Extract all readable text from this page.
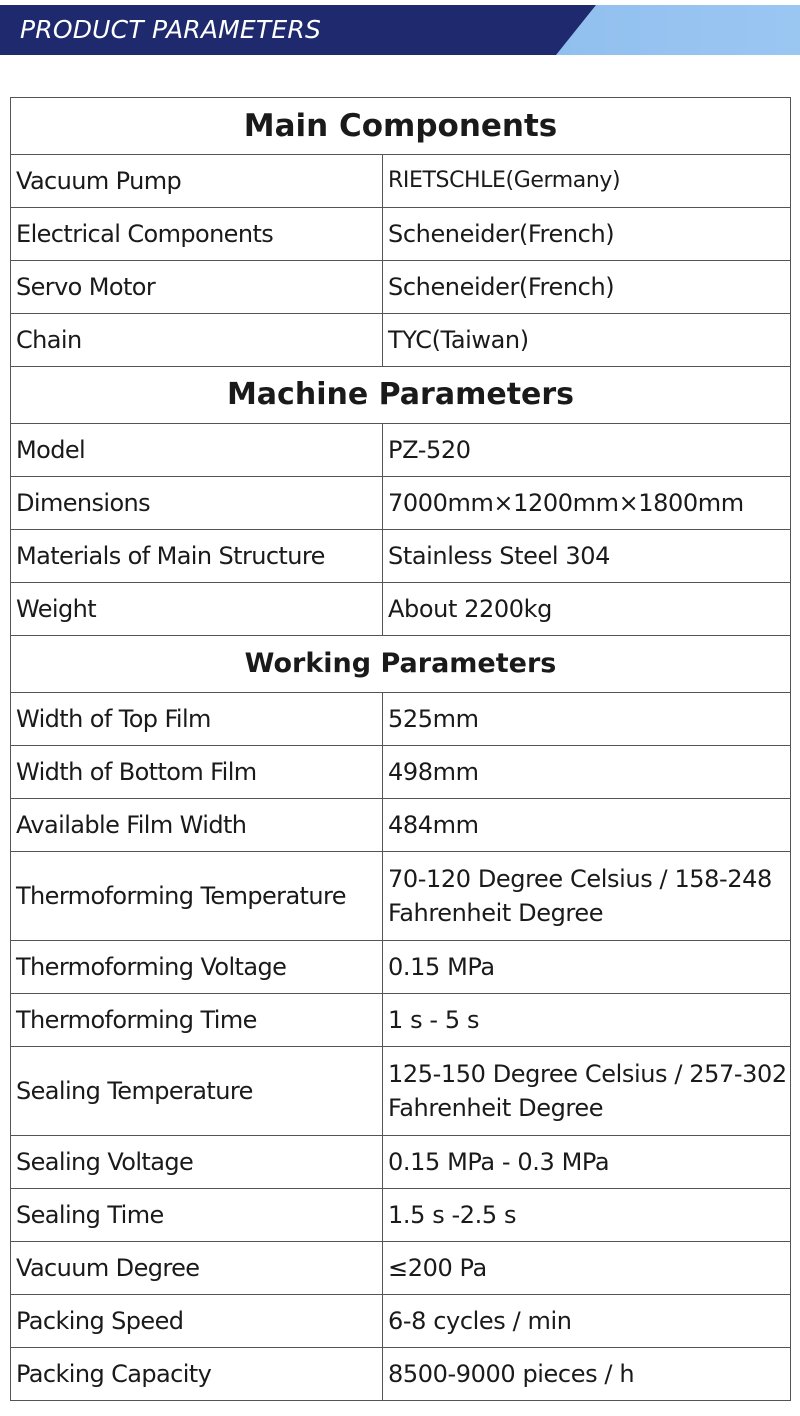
PRODUCT PARAMETERS
Main Components	
Vacuum Pump	RIETSCHLE(Germany)
Electrical Components	Scheneider(French)
Servo Motor	Scheneider(French)
Chain	TYC(Taiwan)
Machine Parameters	
Model	PZ-520
Dimensions	7000mm×1200mm×1800mm
Materials of Main Structure	Stainless Steel 304
Weight	About 2200kg
Working Parameters	
Width of Top Film	525mm
Width of Bottom Film	498mm
Available Film Width	484mm
Thermoforming Temperature	70-120 Degree Celsius / 158-248 Fahrenheit Degree
Thermoforming Voltage	0.15 MPa
Thermoforming Time	1 s - 5 s
Sealing Temperature	125-150 Degree Celsius / 257-302 Fahrenheit Degree
Sealing Voltage	0.15 MPa - 0.3 MPa
Sealing Time	1.5 s -2.5 s
Vacuum Degree	≤200 Pa
Packing Speed	6-8 cycles / min
Packing Capacity	8500-9000 pieces / h
